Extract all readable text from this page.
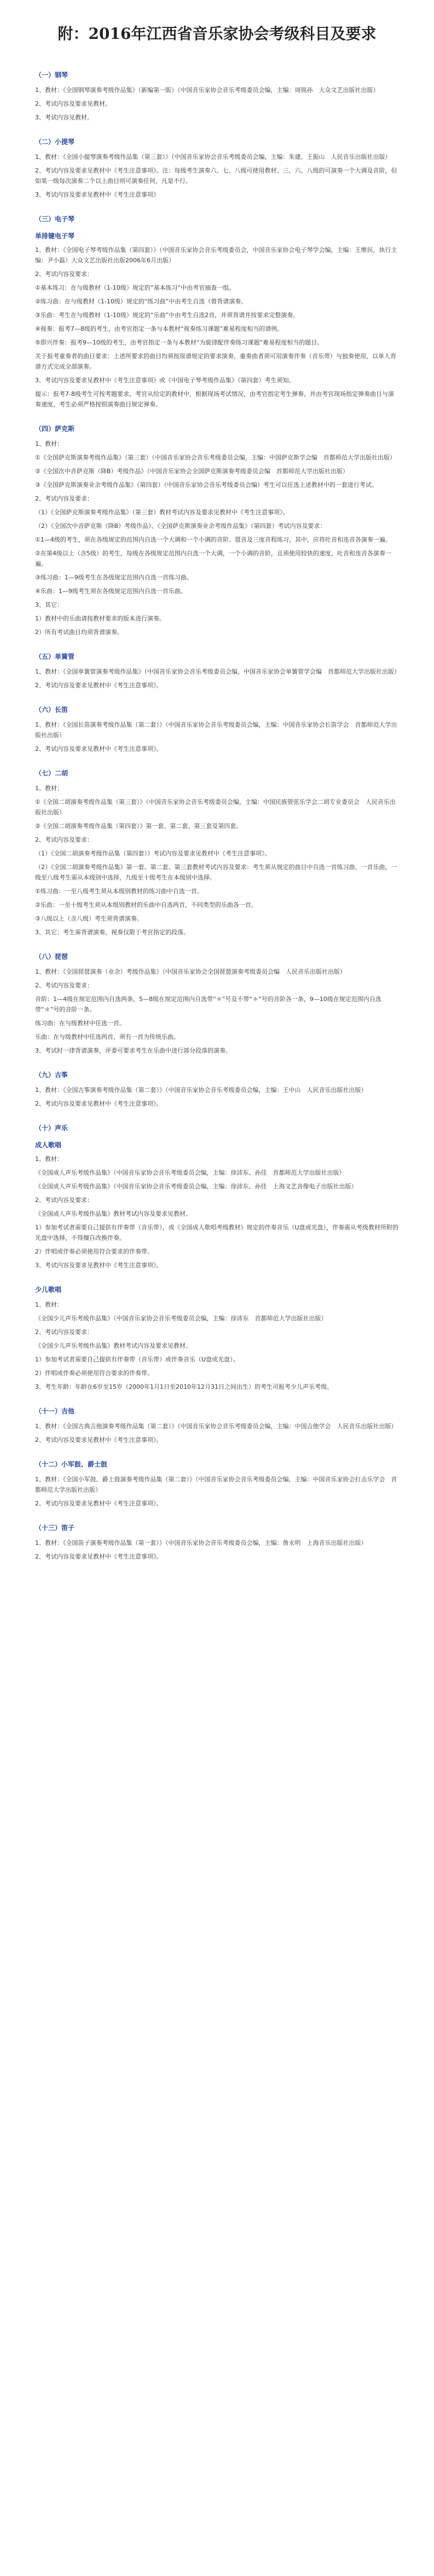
附：2016年江西省音乐家协会考级科目及要求
（一）钢琴
1、教材：《全国钢琴演奏考级作品集》（新编第一版）（中国音乐家协会音乐考级委员会编，主编：周铭孙　大众文艺出版社出版）
2、考试内容及要求见教材。
3、考试内容见教材。
（二）小提琴
1、教材：《全国小提琴演奏考级作品集（第三套）》（中国音乐家协会音乐考级委员会编，主编：朱建、王振山　人民音乐出版社出版）
2、考试内容及要求见教材中《考生注意事项》。注：每级考生演奏六、七、八级可使用教材、三、六、八级的可演奏一个大调及音阶，但如果一级每次演奏二个以上曲目则可演奏任何，凡是不行。
3、考试内容及要求见教材中《考生注意事项》
（三）电子琴
单排键电子琴
1、教材：《全国电子琴考级作品集（第四套）》（中国音乐家协会音乐考级委员会，中国音乐家协会电子琴学会编，主编：王维民，执行主编：尹小磊）大众文艺出版社出版2006年6月出版）
2、考试内容及要求：
①基本练习：在与级教材（1-10级）规定的“基本练习”中由考官抽查一组。
②练习曲：在与级教材（1-10级）规定的“练习曲”中由考生自选（曾背谱演奏。
③乐曲：考生在与级教材（1-10级）规定的“乐曲”中由考生自选2首，并须背谱并按要求完整演奏。
④视奏：报考7—8级的考生，由考官指定一条与本教材“视奏练习课题”难易程度相当的谱例。
⑤即兴伴奏：报考9—10级的考生，由考官指定一条与本教材“为旋律配伴奏练习课题”难易程度相当的题目。
关于报考重奏者的曲目要求：上述所要求的曲目均须按原谱规定的要求演奏，重奏曲者须可用演奏伴奏（音乐带）与独奏使用，以单人背谱方式完成全部演奏。
3、考试内容及要求见教材中《考生注意事项》或《中国电子琴考级作品集》（第四套）考生须知。
提示：报考7-8级考生可按考题要求，考官从给定的教材中，根据现场考试情况，由考官指定考生弹奏，并由考官现场指定弹奏曲目与演奏速度，考生必须严格按照演奏曲目规定弹奏。
（四）萨克斯
1、教材：
①《全国萨克斯演奏考级作品集》（第三套）（中国音乐家协会音乐考级委员会编，主编：中国萨克斯学会编　首都师范大学出版社出版）
②《全国次中音萨克斯（降B）考级作品》（中国音乐家协会全国萨克斯演奏考级委员会编　首都师范大学出版社出版）
③《全国萨克斯演奏业余考级作品集》（第四套）（中国音乐家协会音乐考级委员会编）考生可以任选上述教材中的一套进行考试。
2、考试内容及要求：
（1）《全国萨克斯演奏考级作品集》（第三套）教材考试内容及要求见教材中《考生注意事项》。
（2）《全国次中音萨克斯（降B）考级作品》、《全国萨克斯演奏业余考级作品集》（第四套）考试内容及要求：
①1—4级的考生，须在各级规定的范围内自选一个大调和一个小调的音阶、琶音及三度音程练习，其中，应将吐音和连音各演奏一遍。
②在第4级以上（含5级）的考生，每级在各级规定范围内自选一个大调，一个小调的音阶，且须使用较快的速度，吐音和连音各演奏一遍。
③练习曲：1—9级考生在各级规定范围内自选一首练习曲。
④乐曲：1—9级考生须在各级规定范围内自选一首乐曲。
3、其它：
1）教材中的乐曲请按教材要求的版本进行演奏。
2）所有考试曲目均须背谱演奏。
（五）单簧管
1、教材：《全国单簧管演奏考级作品集》（中国音乐家协会音乐考级委员会编，中国音乐家协会单簧管学会编　首都师范大学出版社出版）
2、考试内容及要求见教材中《考生注意事项》。
（六）长笛
1、教材：《全国长笛演奏考级作品集（第二套）》（中国音乐家协会音乐考级委员会编，主编：中国音乐家协会长笛学会　首都师范大学出版社出版）
2、考试内容及要求见教材中《考生注意事项》。
（七）二胡
1、教材：
①《全国二胡演奏考级作品集（第三套）》（中国音乐家协会音乐考级委员会编，主编：中国民族管弦乐学会二胡专业委员会　人民音乐出版社出版）
②《全国二胡演奏考级作品集（第四套）》第一套、第二套、第三套及第四套。
2、考试内容及要求：
（1）《全国二胡演奏考级作品集（第四套）》考试内容及要求见教材中《考生注意事项》。
（2）《全国二胡演奏考级作品集》第一套、第二套、第三套教材考试内容及要求：考生须从规定的曲目中自选一首练习曲、一首乐曲，一级至八级考生需从本级别中选择，九级至十级考生在本级别中选择。
①练习曲：一至八级考生须从本级别教材的练习曲中自选一首。
②乐曲：一至十级考生须从本级别教材的乐曲中自选两首，不同类型的乐曲各一首。
③八级以上（含八级）考生须背谱演奏。
3、其它：考生需背谱演奏，视奏仅限于考官指定的段落。
（八）琵琶
1、教材：《全国琵琶演奏（业余）考级作品集》（中国音乐家协会全国琵琶演奏考级委员会编　人民音乐出版社出版）
2、考试内容及要求：
音阶：1—4级在规定范围内自选两条，5—8级在规定范围内自选带“＊”号及不带“＊”号的音阶各一条，9—10级在规定范围内自选带“＊”号的音阶一条。
练习曲：在与级教材中任选一首。
乐曲：在与级教材中任选两首，须有一首为传统乐曲。
3、考试时一律背谱演奏，评委可要求考生在乐曲中进行部分段落的演奏。
（九）古筝
1、教材：《全国古筝演奏考级作品集（第二套）》（中国音乐家协会音乐考级委员会编，主编：王中山　人民音乐出版社出版）
2、考试内容及要求见教材中《考生注意事项》。
（十）声乐
成人歌唱
1、教材：
《全国成人声乐考级作品集》（中国音乐家协会音乐考级委员会编，主编：徐沛东、孙佳　首都师范大学出版社出版）
《全国成人声乐考级作品集》（中国音乐家协会音乐考级委员会编，主编：徐沛东、孙佳　上海文艺音像电子出版社出版）
2、考试内容及要求：
《全国成人声乐考级作品集》教材考试内容及要求见教材。
1）参加考试者需要自己提供有伴奏带（音乐带），或《全国成人歌唱考级教材》规定的伴奏音乐（U盘或光盘），伴奏需从考级教材所附的光盘中选择，不得擅自改换伴奏。
2）伴唱或伴奏必须使用符合要求的伴奏带。
3、考试内容及要求见教材中《考生注意事项》。
少儿歌唱
1、教材：
《全国少儿声乐考级作品集》（中国音乐家协会音乐考级委员会编，主编：徐沛东　首都师范大学出版社出版）
2、考试内容及要求：
《全国少儿声乐考级作品集》教材考试内容及要求见教材。
1）参加考试者需要自己提供有伴奏带（音乐带）或伴奏音乐（U盘或光盘）。
2）伴唱或伴奏必须使用符合要求的伴奏带。
3、考生年龄：年龄在6岁至15岁（2000年1月1日至2010年12月31日之间出生）的考生可报考少儿声乐考级。
（十一）吉他
1、教材：《全国古典吉他演奏考级作品集（第二套）》（中国音乐家协会音乐考级委员会编，主编：中国吉他学会　人民音乐出版社出版）
2、考试内容及要求见教材中《考生注意事项》。
（十二）小军鼓、爵士鼓
1、教材：《全国小军鼓、爵士鼓演奏考级作品集（第二套）》（中国音乐家协会音乐考级委员会编，主编：中国音乐家协会打击乐学会　首都师范大学出版社出版）
2、考试内容及要求见教材中《考生注意事项》。
（十三）笛子
1、教材：《全国笛子演奏考级作品集（第一套）》（中国音乐家协会音乐考级委员会编，主编：詹永明　上海音乐出版社出版）
2、考试内容及要求见教材中《考生注意事项》。
